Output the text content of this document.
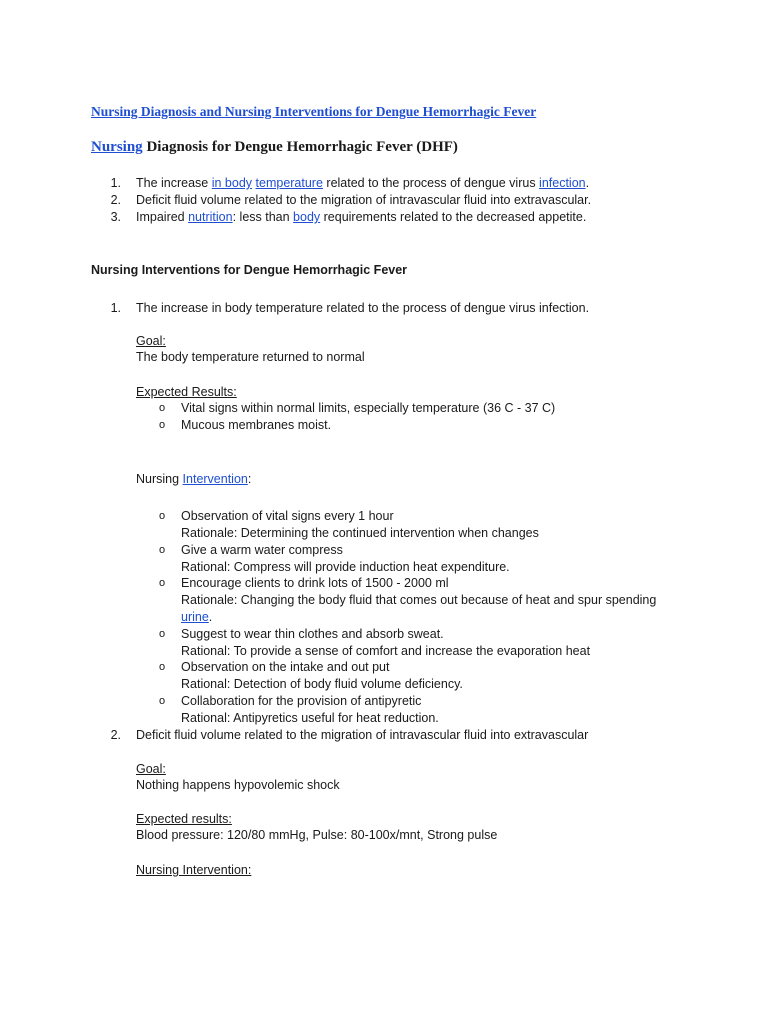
Nursing Diagnosis and Nursing Interventions for Dengue Hemorrhagic Fever
Nursing Diagnosis for Dengue Hemorrhagic Fever (DHF)
1. The increase in body temperature related to the process of dengue virus infection.
2. Deficit fluid volume related to the migration of intravascular fluid into extravascular.
3. Impaired nutrition: less than body requirements related to the decreased appetite.
Nursing Interventions for Dengue Hemorrhagic Fever
1. The increase in body temperature related to the process of dengue virus infection.
Goal:
The body temperature returned to normal
Expected Results:
o Vital signs within normal limits, especially temperature (36 C - 37 C)
o Mucous membranes moist.
Nursing Intervention:
o Observation of vital signs every 1 hour
Rationale: Determining the continued intervention when changes
o Give a warm water compress
Rational: Compress will provide induction heat expenditure.
o Encourage clients to drink lots of 1500 - 2000 ml
Rationale: Changing the body fluid that comes out because of heat and spur spending
urine.
o Suggest to wear thin clothes and absorb sweat.
Rational: To provide a sense of comfort and increase the evaporation heat
o Observation on the intake and out put
Rational: Detection of body fluid volume deficiency.
o Collaboration for the provision of antipyretic
Rational: Antipyretics useful for heat reduction.
2. Deficit fluid volume related to the migration of intravascular fluid into extravascular
Goal:
Nothing happens hypovolemic shock
Expected results:
Blood pressure: 120/80 mmHg, Pulse: 80-100x/mnt, Strong pulse
Nursing Intervention:
